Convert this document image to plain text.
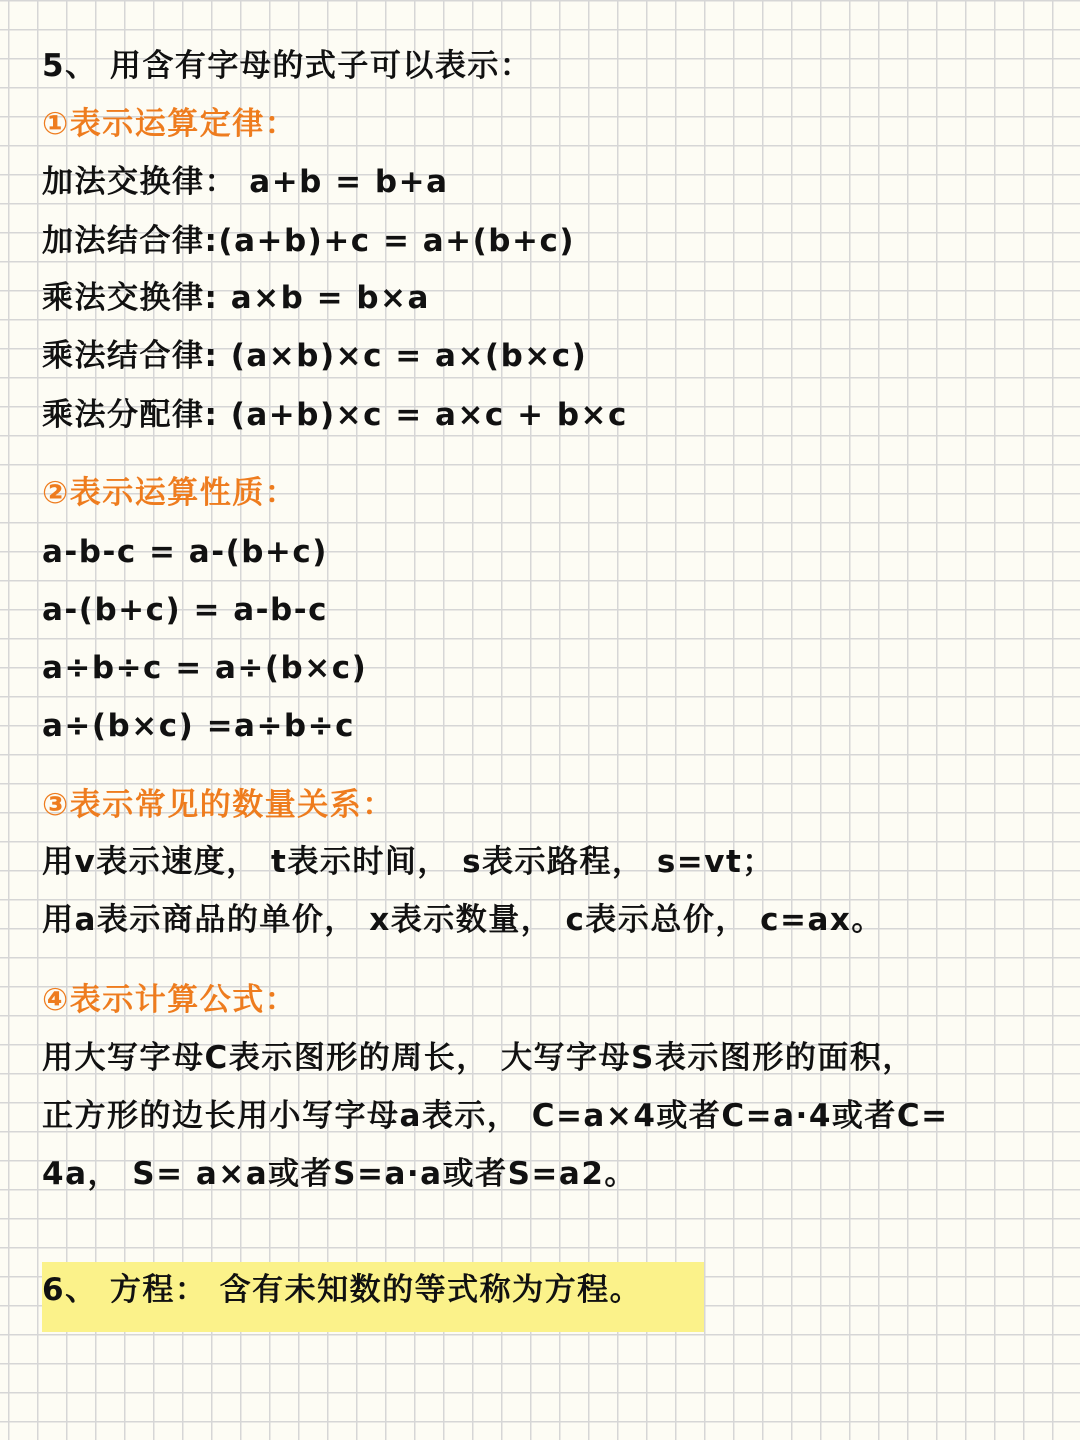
5、 用含有字母的式子可以表示：
①表示运算定律：
加法交换律： a+b = b+a
加法结合律:(a+b)+c = a+(b+c)
乘法交换律: a×b = b×a
乘法结合律: (a×b)×c = a×(b×c)
乘法分配律: (a+b)×c = a×c + b×c
②表示运算性质：
a-b-c = a-(b+c)
a-(b+c) = a-b-c
a÷b÷c = a÷(b×c)
a÷(b×c) =a÷b÷c
③表示常见的数量关系：
用v表示速度， t表示时间， s表示路程， s=vt；
用a表示商品的单价， x表示数量， c表示总价， c=ax。
④表示计算公式：
用大写字母C表示图形的周长， 大写字母S表示图形的面积，
正方形的边长用小写字母a表示， C=a×4或者C=a·4或者C=
4a， S= a×a或者S=a·a或者S=a2。
6、 方程： 含有未知数的等式称为方程。
